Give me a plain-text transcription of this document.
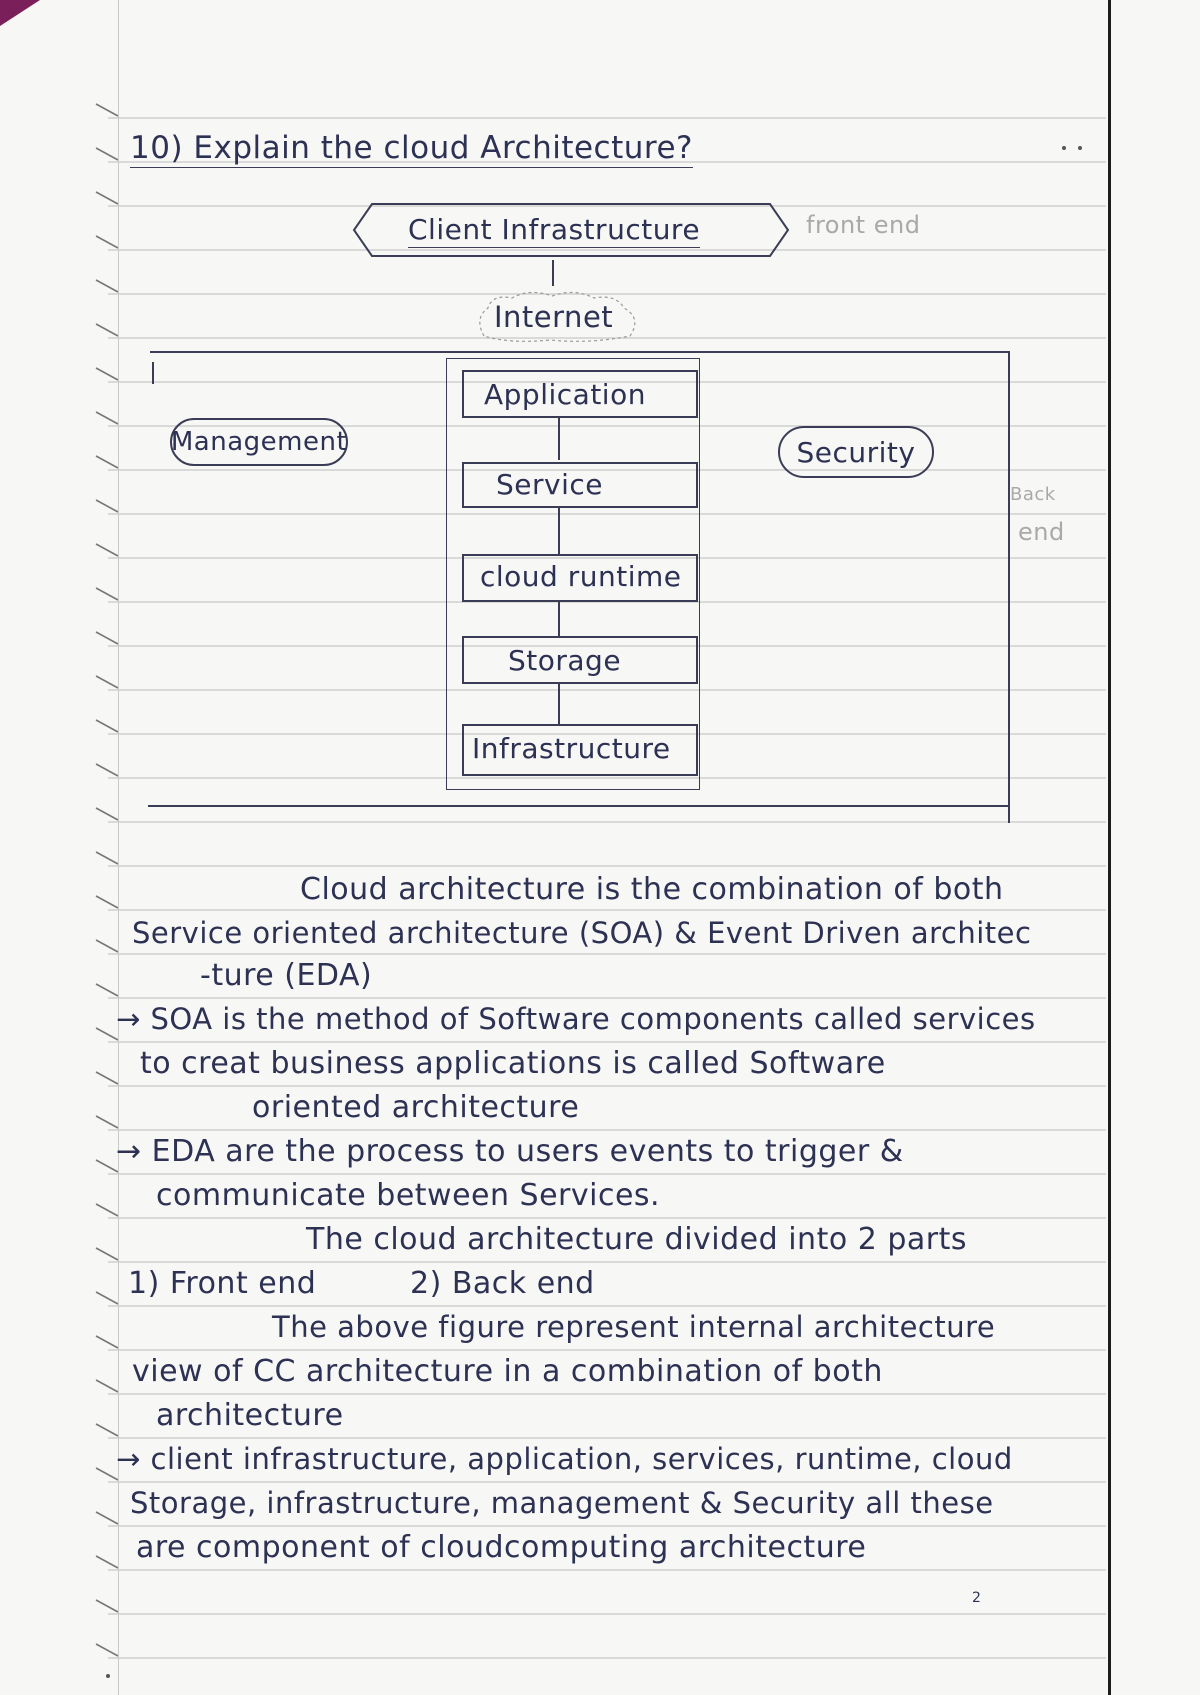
10) Explain the cloud Architecture?
Client Infrastructure	front end
Internet
Management	Security
Back
end
Application
Service
cloud runtime
Storage
Infrastructure
Cloud architecture is the combination of both
Service oriented architecture (SOA) & Event Driven architec
-ture (EDA)
→ SOA is the method of Software components called services
to creat business applications is called Software
oriented architecture
→ EDA are the process to users events to trigger &
communicate between Services.
The cloud architecture divided into 2 parts
1) Front end	2) Back end
The above figure represent internal architecture
view of CC architecture in a combination of both
architecture
→ client infrastructure, application, services, runtime, cloud
Storage, infrastructure, management & Security all these
are component of cloudcomputing architecture
2
